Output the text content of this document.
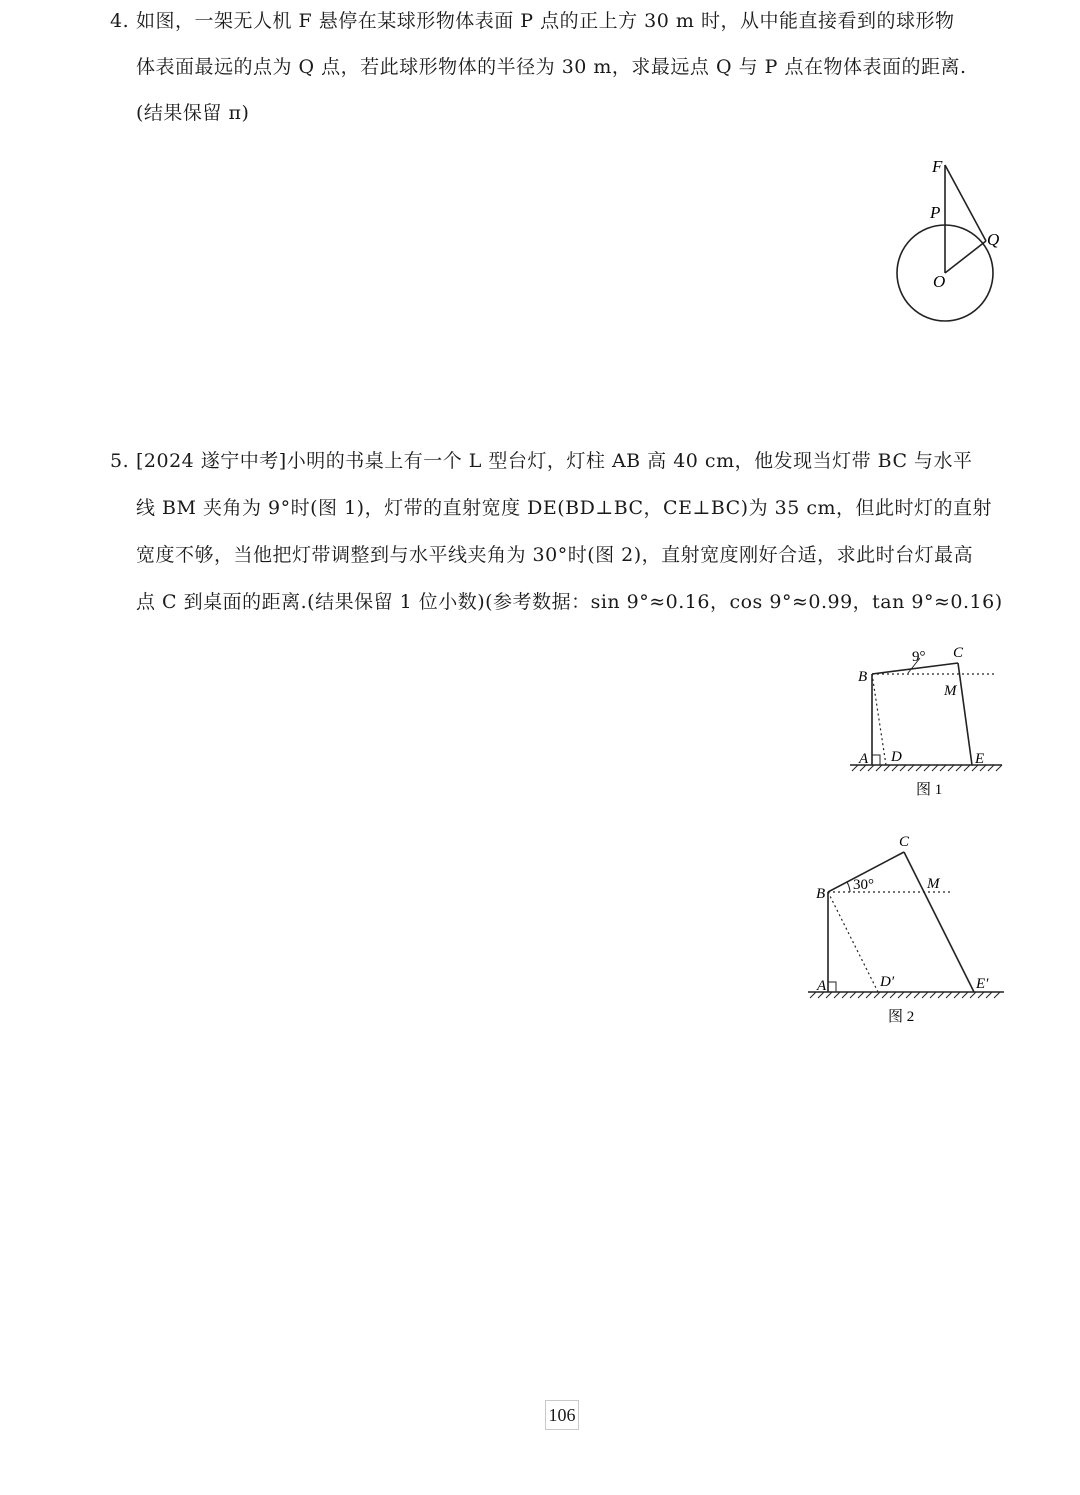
4. 如图，一架无人机 F 悬停在某球形物体表面 P 点的正上方 30 m 时，从中能直接看到的球形物
体表面最远的点为 Q 点，若此球形物体的半径为 30 m，求最远点 Q 与 P 点在物体表面的距离.
(结果保留 π)
F
P
Q
O
5. [2024 遂宁中考]小明的书桌上有一个 L 型台灯，灯柱 AB 高 40 cm，他发现当灯带 BC 与水平
线 BM 夹角为 9°时(图 1)，灯带的直射宽度 DE(BD⊥BC，CE⊥BC)为 35 cm，但此时灯的直射
宽度不够，当他把灯带调整到与水平线夹角为 30°时(图 2)，直射宽度刚好合适，求此时台灯最高
点 C 到桌面的距离.(结果保留 1 位小数)(参考数据：sin 9°≈0.16，cos 9°≈0.99，tan 9°≈0.16)
9°
B
C
M
A D	E
图 1
30°
B
C
M
A	D′	E′
图 2
106
